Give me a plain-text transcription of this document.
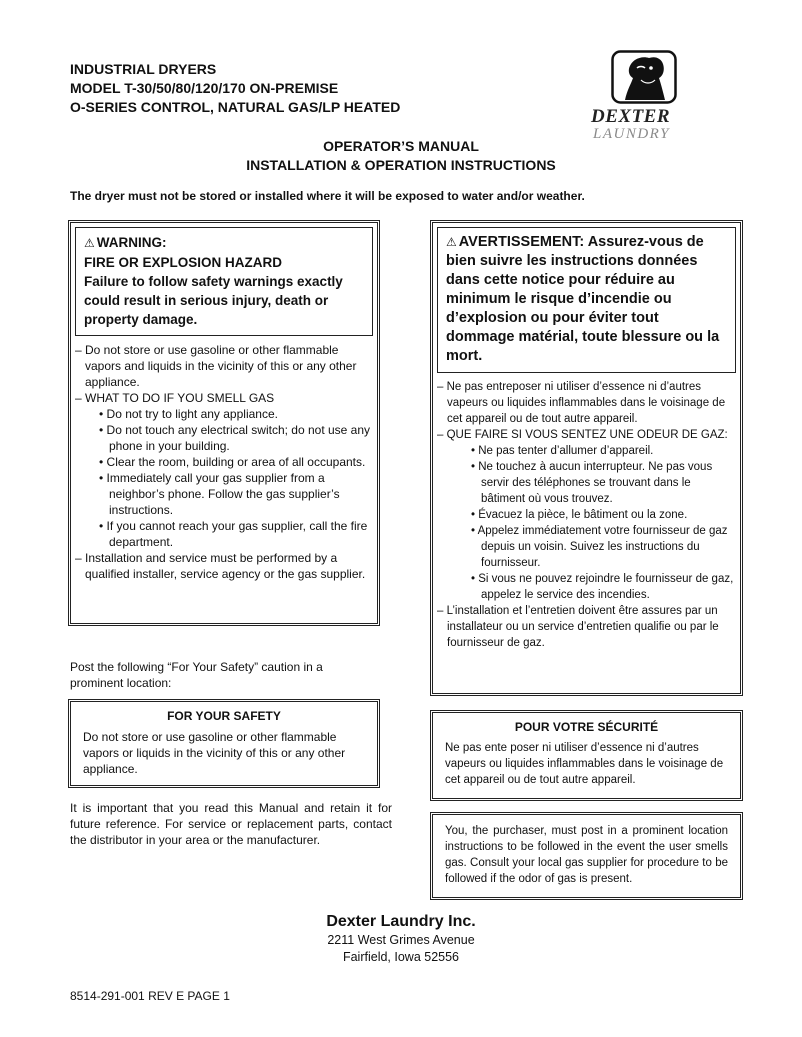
INDUSTRIAL DRYERS
MODEL T-30/50/80/120/170 ON-PREMISE
O-SERIES CONTROL, NATURAL GAS/LP HEATED	DEXTER
LAUNDRY
OPERATOR’S MANUAL
INSTALLATION & OPERATION INSTRUCTIONS
The dryer must not be stored or installed where it will be exposed to water and/or weather.
⚠ WARNING:
FIRE OR EXPLOSION HAZARD
Failure to follow safety warnings exactly could result in serious injury, death or property damage.

– Do not store or use gasoline or other flammable vapors and liquids in the vicinity of this or any other appliance.

– WHAT TO DO IF YOU SMELL GAS

• Do not try to light any appliance.

• Do not touch any electrical switch; do not use any phone in your building.

• Clear the room, building or area of all occupants.

• Immediately call your gas supplier from a neighbor’s phone. Follow the gas supplier’s instructions.

• If you cannot reach your gas supplier, call the fire department.

– Installation and service must be performed by a qualified installer, service agency or the gas supplier.

⚠ AVERTISSEMENT: Assurez-vous de bien suivre les instructions données dans cette notice pour réduire au minimum le risque d’incendie ou d’explosion ou pour éviter tout dommage matérial, toute blessure ou la mort.

– Ne pas entreposer ni utiliser d’essence ni d’autres vapeurs ou liquides inflammables dans le voisinage de cet appareil ou de tout autre appareil.

– QUE FAIRE SI VOUS SENTEZ UNE ODEUR DE GAZ:

• Ne pas tenter d’allumer d’appareil.

• Ne touchez à aucun interrupteur. Ne pas vous servir des téléphones se trouvant dans le bâtiment où vous trouvez.

• Évacuez la pièce, le bâtiment ou la zone.

• Appelez immédiatement votre fournisseur de gaz depuis un voisin. Suivez les instructions du fournisseur.

• Si vous ne pouvez rejoindre le fournisseur de gaz, appelez le service des incendies.

– L’installation et l’entretien doivent être assures par un installateur ou un service d’entretien qualifie ou par le fournisseur de gaz.

Post the following “For Your Safety” caution in a prominent location:
FOR YOUR SAFETY
Do not store or use gasoline or other flammable vapors or liquids in the vicinity of this or any other appliance.
POUR VOTRE SÉCURITÉ
Ne pas ente poser ni utiliser d’essence ni d’autres vapeurs ou liquides inflammables dans le voisinage de cet appareil ou de tout autre appareil.
It is important that you read this Manual and retain it for future reference. For service or replacement parts, contact the distributor in your area or the manufacturer.
You, the purchaser, must post in a prominent location instructions to be followed in the event the user smells gas. Consult your local gas supplier for procedure to be followed if the odor of gas is present.
Dexter Laundry Inc.
2211 West Grimes Avenue
Fairfield, Iowa 52556
8514-291-001 REV E PAGE 1
